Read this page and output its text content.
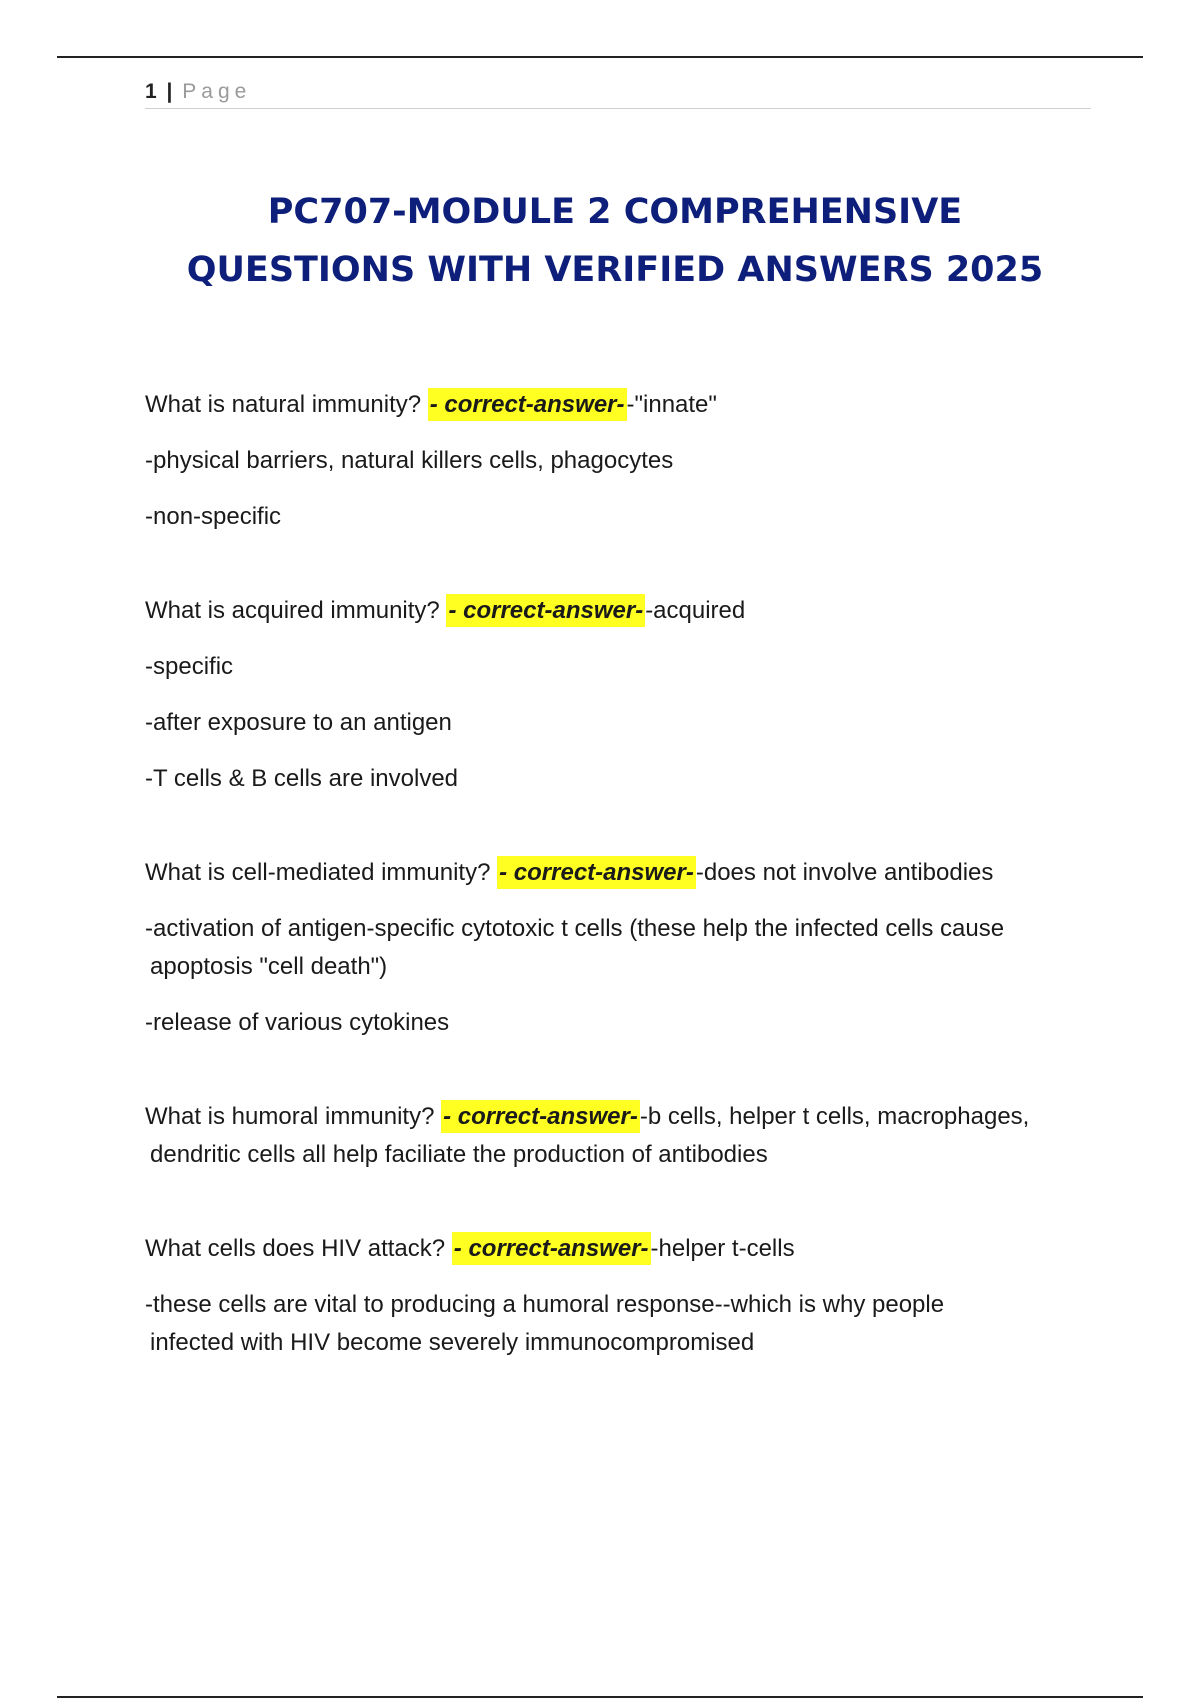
1 | Page
PC707-MODULE 2 COMPREHENSIVE
QUESTIONS WITH VERIFIED ANSWERS 2025

What is natural immunity? - correct-answer--"innate"

-physical barriers, natural killers cells, phagocytes

-non-specific

What is acquired immunity? - correct-answer--acquired

-specific

-after exposure to an antigen

-T cells & B cells are involved

What is cell-mediated immunity? - correct-answer--does not involve antibodies

-activation of antigen-specific cytotoxic t cells (these help the infected cells cause
apoptosis "cell death")

-release of various cytokines

What is humoral immunity? - correct-answer--b cells, helper t cells, macrophages,
dendritic cells all help faciliate the production of antibodies

What cells does HIV attack? - correct-answer--helper t-cells

-these cells are vital to producing a humoral response--which is why people
infected with HIV become severely immunocompromised
